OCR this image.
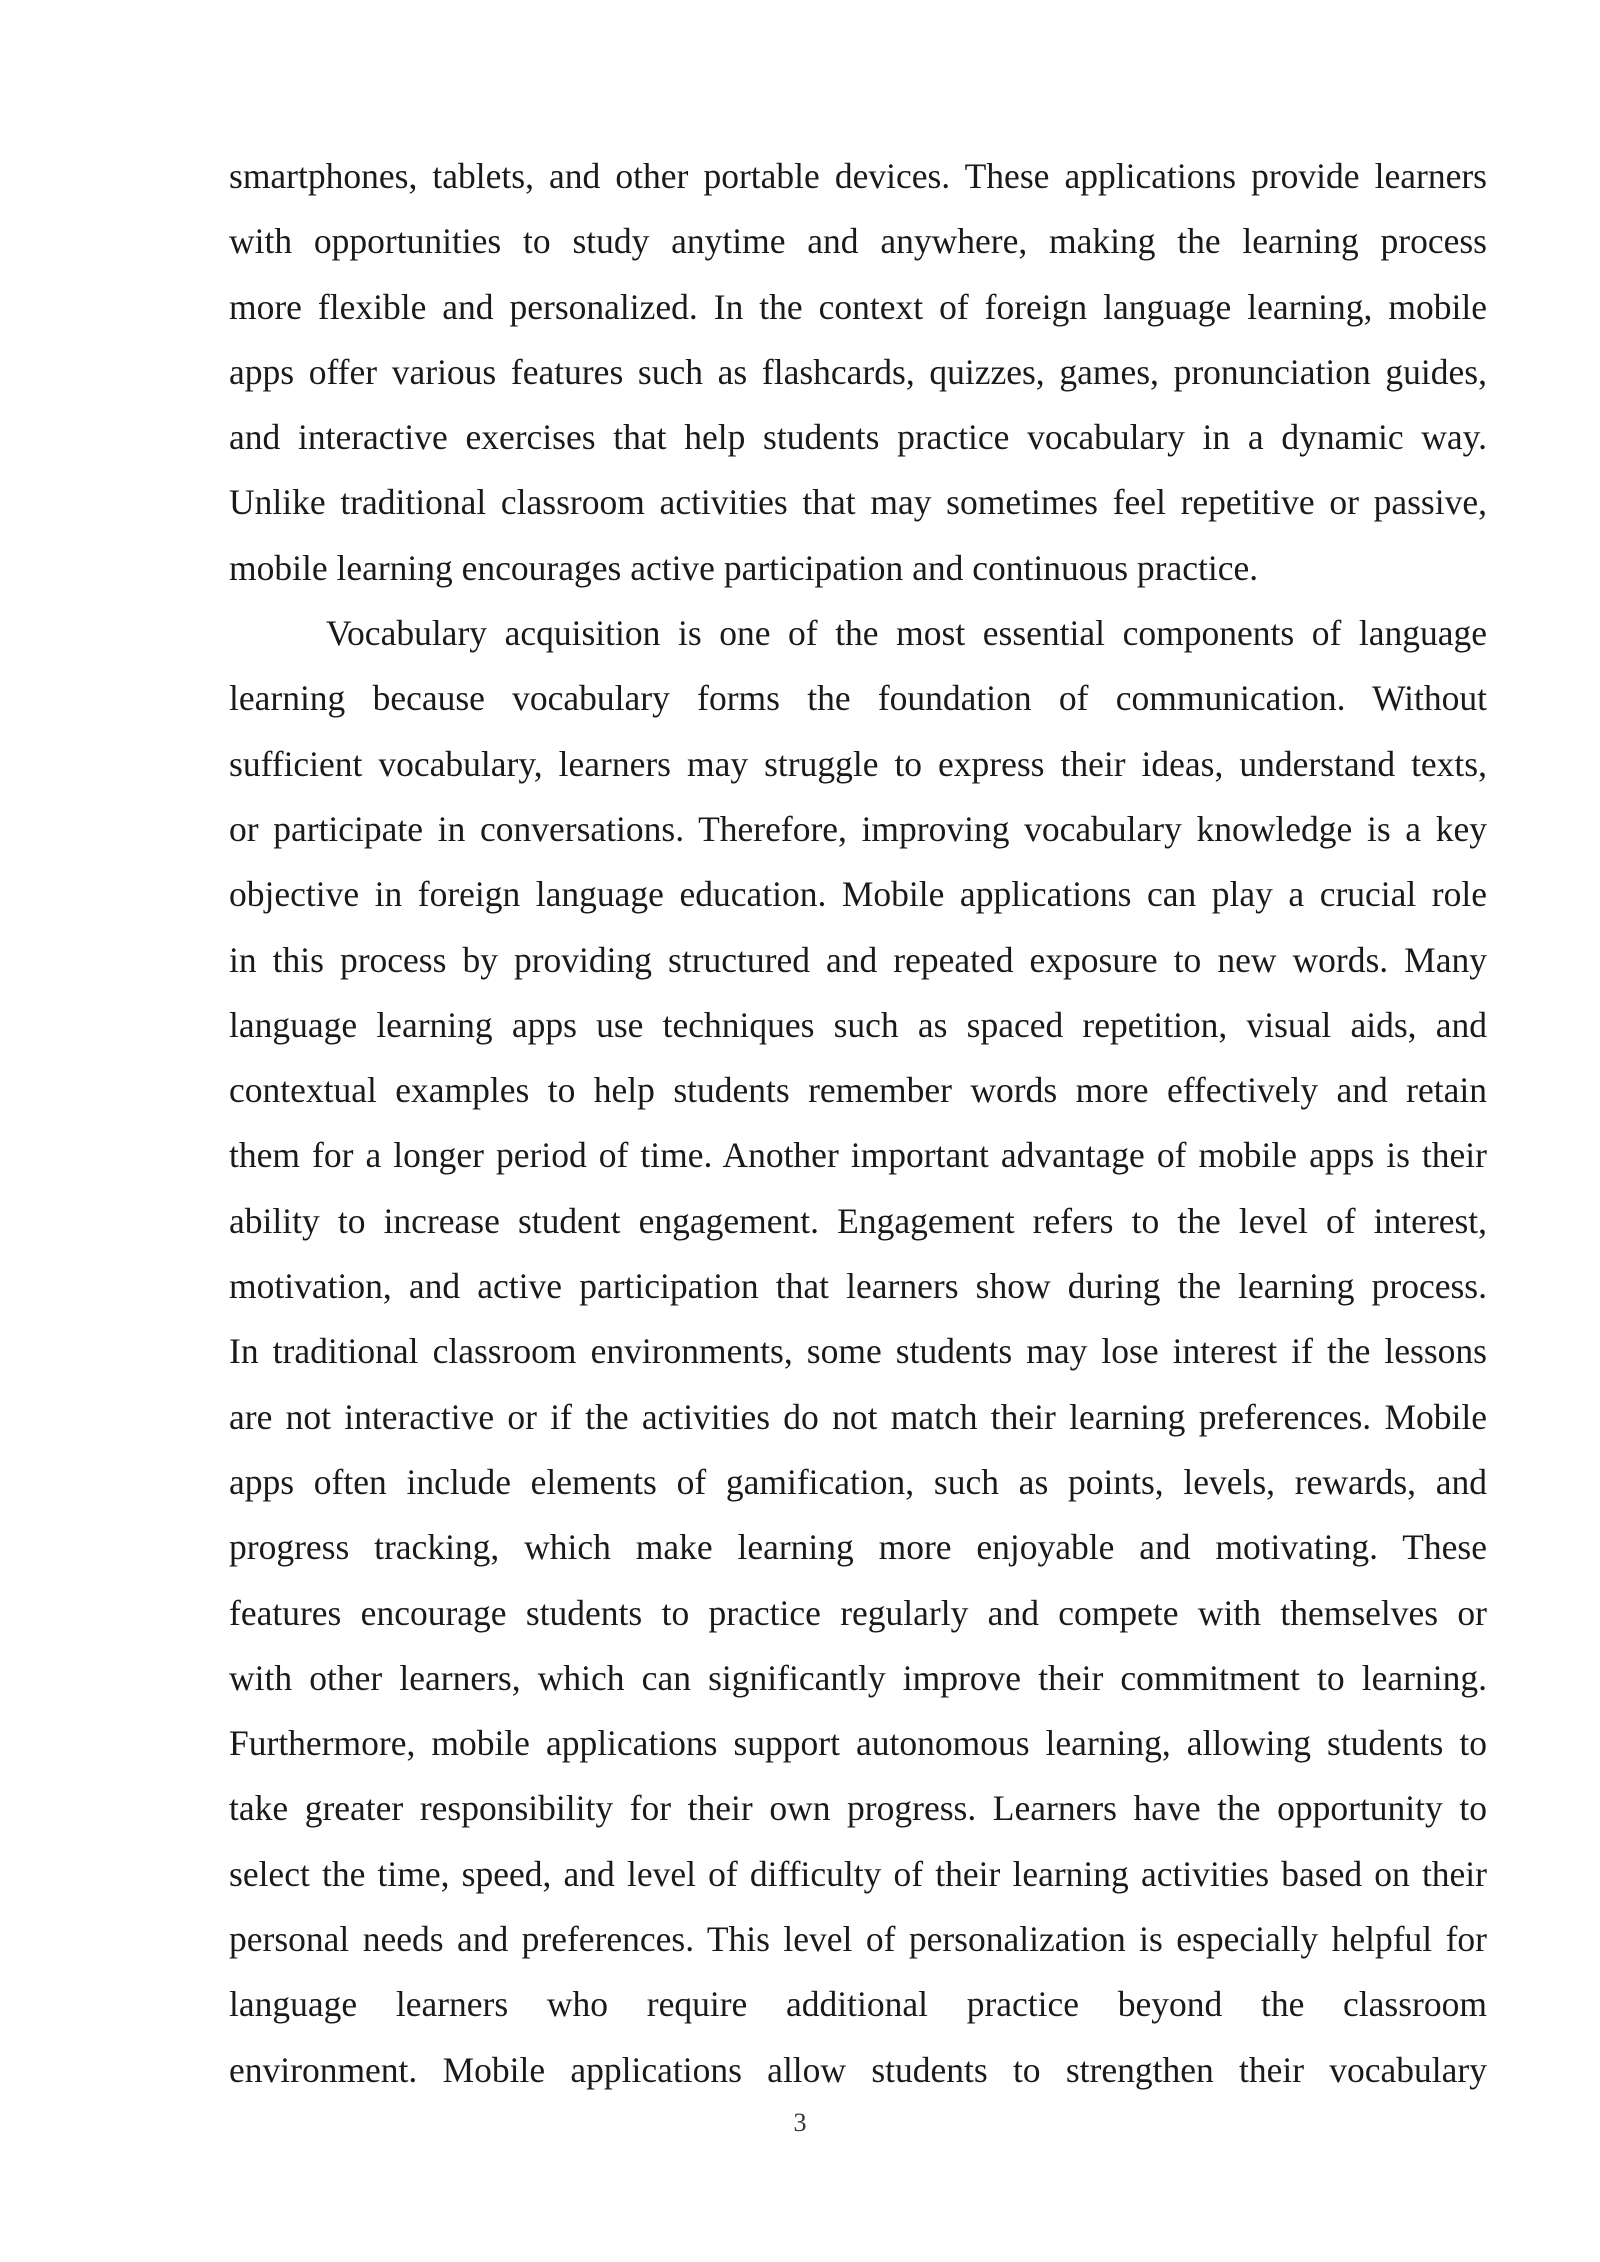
smartphones, tablets, and other portable devices. These applications provide learners
with opportunities to study anytime and anywhere, making the learning process
more flexible and personalized. In the context of foreign language learning, mobile
apps offer various features such as flashcards, quizzes, games, pronunciation guides,
and interactive exercises that help students practice vocabulary in a dynamic way.
Unlike traditional classroom activities that may sometimes feel repetitive or passive,
mobile learning encourages active participation and continuous practice.
Vocabulary acquisition is one of the most essential components of language
learning because vocabulary forms the foundation of communication. Without
sufficient vocabulary, learners may struggle to express their ideas, understand texts,
or participate in conversations. Therefore, improving vocabulary knowledge is a key
objective in foreign language education. Mobile applications can play a crucial role
in this process by providing structured and repeated exposure to new words. Many
language learning apps use techniques such as spaced repetition, visual aids, and
contextual examples to help students remember words more effectively and retain
them for a longer period of time. Another important advantage of mobile apps is their
ability to increase student engagement. Engagement refers to the level of interest,
motivation, and active participation that learners show during the learning process.
In traditional classroom environments, some students may lose interest if the lessons
are not interactive or if the activities do not match their learning preferences. Mobile
apps often include elements of gamification, such as points, levels, rewards, and
progress tracking, which make learning more enjoyable and motivating. These
features encourage students to practice regularly and compete with themselves or
with other learners, which can significantly improve their commitment to learning.
Furthermore, mobile applications support autonomous learning, allowing students to
take greater responsibility for their own progress. Learners have the opportunity to
select the time, speed, and level of difficulty of their learning activities based on their
personal needs and preferences. This level of personalization is especially helpful for
language learners who require additional practice beyond the classroom
environment. Mobile applications allow students to strengthen their vocabulary
3
